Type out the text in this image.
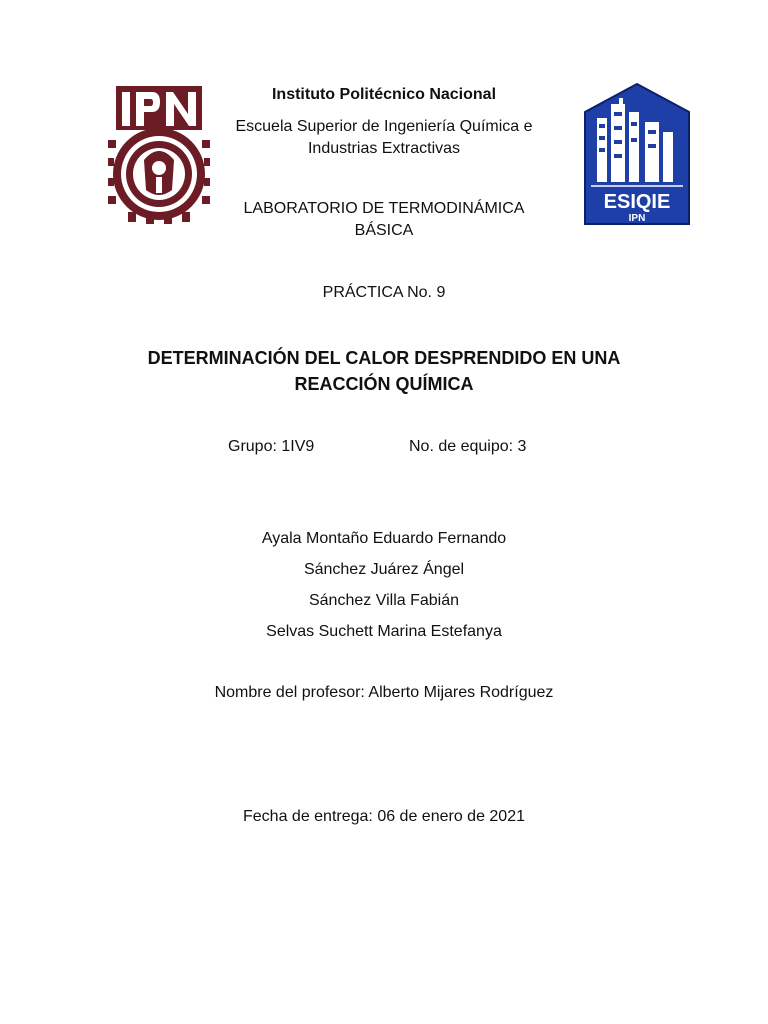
ESIQIE
IPN
Instituto Politécnico Nacional
Escuela Superior de Ingeniería Química e
Industrias Extractivas
LABORATORIO DE TERMODINÁMICA
BÁSICA
PRÁCTICA No. 9
DETERMINACIÓN DEL CALOR DESPRENDIDO EN UNA
REACCIÓN QUÍMICA
Grupo: 1IV9	No. de equipo: 3
Ayala Montaño Eduardo Fernando
Sánchez Juárez Ángel
Sánchez Villa Fabián
Selvas Suchett Marina Estefanya
Nombre del profesor: Alberto Mijares Rodríguez
Fecha de entrega: 06 de enero de 2021
